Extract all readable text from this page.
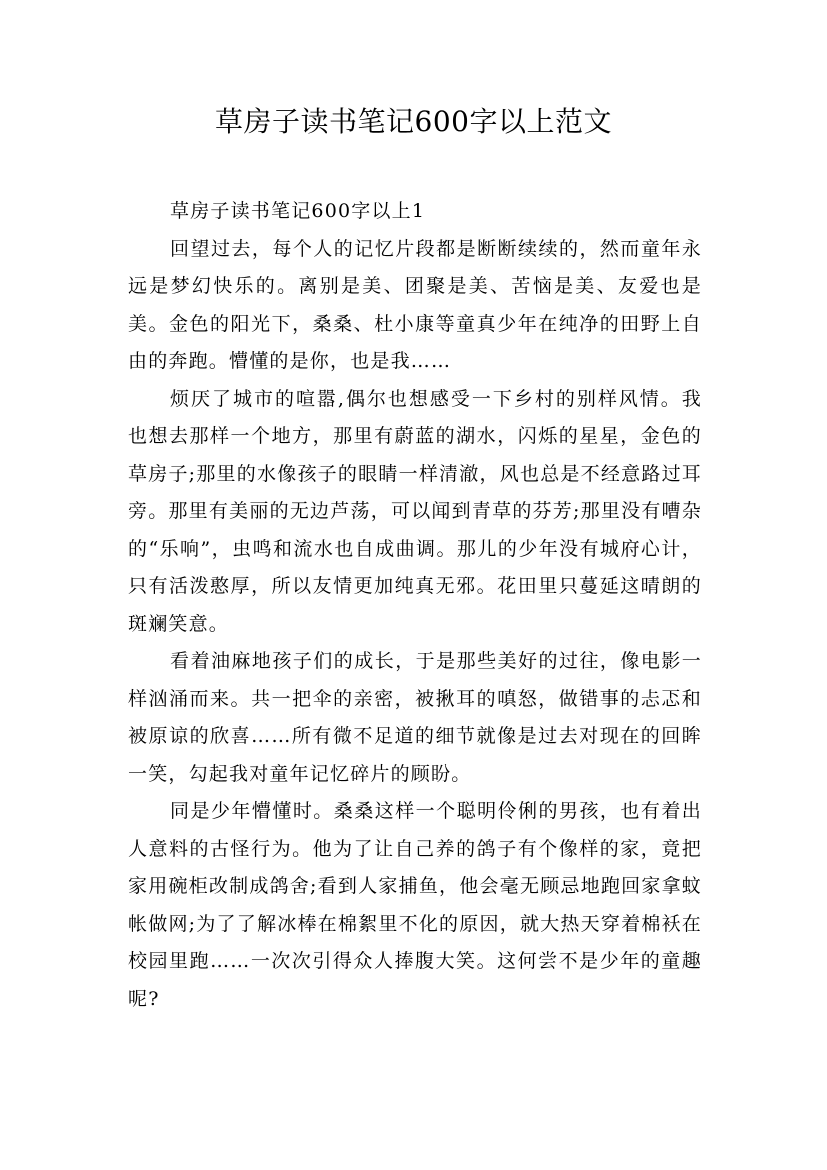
草房子读书笔记600字以上范文

草房子读书笔记600字以上1

回望过去，每个人的记忆片段都是断断续续的，然而童年永远是梦幻快乐的。离别是美、团聚是美、苦恼是美、友爱也是美。金色的阳光下，桑桑、杜小康等童真少年在纯净的田野上自由的奔跑。懵懂的是你，也是我……

烦厌了城市的喧嚣,偶尔也想感受一下乡村的别样风情。我也想去那样一个地方，那里有蔚蓝的湖水，闪烁的星星，金色的草房子;那里的水像孩子的眼睛一样清澈，风也总是不经意路过耳旁。那里有美丽的无边芦荡，可以闻到青草的芬芳;那里没有嘈杂的“乐响”，虫鸣和流水也自成曲调。那儿的少年没有城府心计，只有活泼憨厚，所以友情更加纯真无邪。花田里只蔓延这晴朗的斑斓笑意。

看着油麻地孩子们的成长，于是那些美好的过往，像电影一样汹涌而来。共一把伞的亲密，被揪耳的嗔怒，做错事的忐忑和被原谅的欣喜……所有微不足道的细节就像是过去对现在的回眸一笑，勾起我对童年记忆碎片的顾盼。

同是少年懵懂时。桑桑这样一个聪明伶俐的男孩，也有着出人意料的古怪行为。他为了让自己养的鸽子有个像样的家，竟把家用碗柜改制成鸽舍;看到人家捕鱼，他会毫无顾忌地跑回家拿蚊帐做网;为了了解冰棒在棉絮里不化的原因，就大热天穿着棉袄在校园里跑……一次次引得众人捧腹大笑。这何尝不是少年的童趣呢?
